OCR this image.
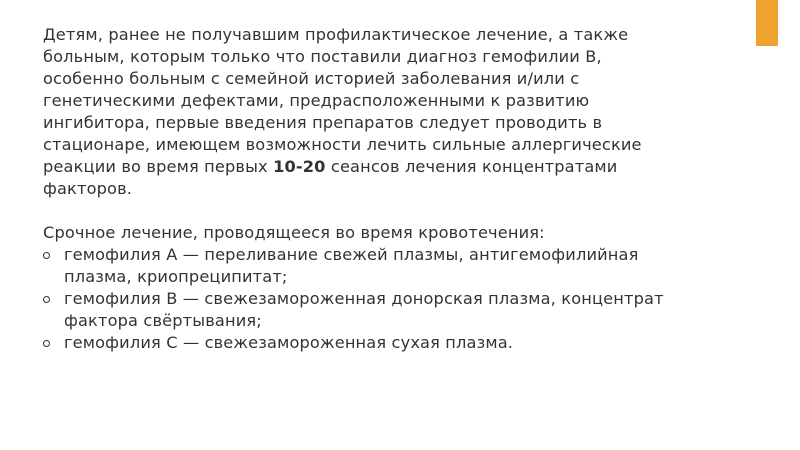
Детям, ранее не получавшим профилактическое лечение, а также больным, которым только что поставили диагноз гемофилии В, особенно больным с семейной историей заболевания и/или с генетическими дефектами, предрасположенными к развитию ингибитора, первые введения препаратов следует проводить в стационаре, имеющем возможности лечить сильные аллергические реакции во время первых 10-20 сеансов лечения концентратами факторов.

Срочное лечение, проводящееся во время кровотечения:

гемофилия А — переливание свежей плазмы, антигемофилийная плазма, криопреципитат;
гемофилия В — свежезамороженная донорская плазма, концентрат фактора свёртывания;
гемофилия С — свежезамороженная сухая плазма.
